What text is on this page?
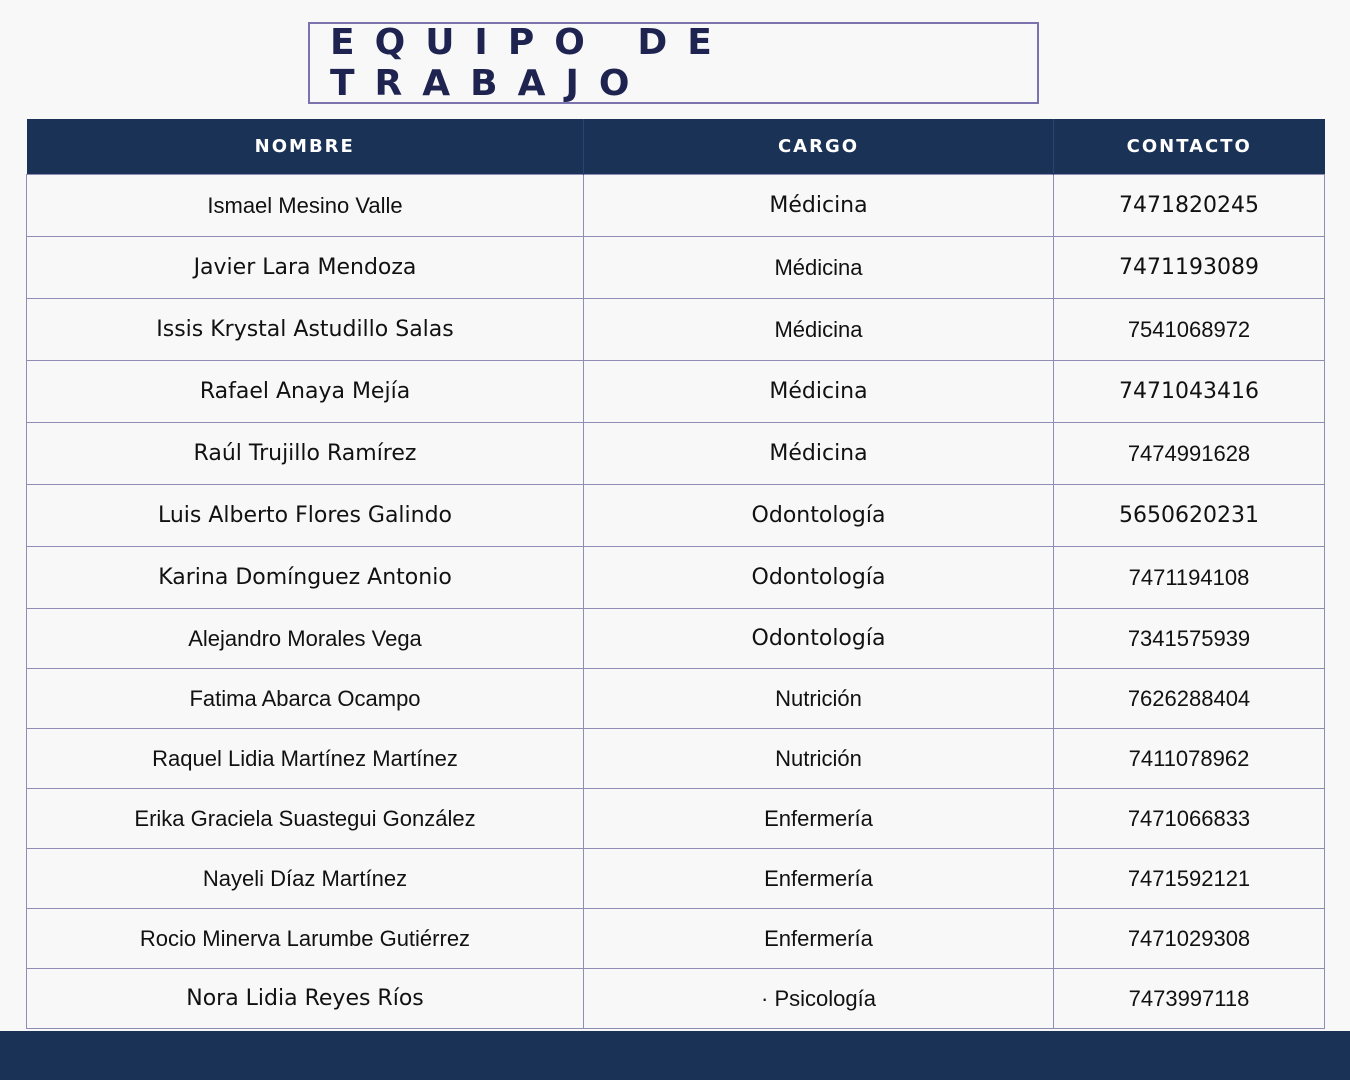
EQUIPO DE TRABAJO
NOMBRE	CARGO	CONTACTO
Ismael Mesino Valle	Médicina	7471820245
Javier Lara Mendoza	Médicina	7471193089
Issis Krystal Astudillo Salas	Médicina	7541068972
Rafael Anaya Mejía	Médicina	7471043416
Raúl Trujillo Ramírez	Médicina	7474991628
Luis Alberto Flores Galindo	Odontología	5650620231
Karina Domínguez Antonio	Odontología	7471194108
Alejandro Morales Vega	Odontología	7341575939
Fatima Abarca Ocampo	Nutrición	7626288404
Raquel Lidia Martínez Martínez	Nutrición	7411078962
Erika Graciela Suastegui González	Enfermería	7471066833
Nayeli Díaz Martínez	Enfermería	7471592121
Rocio Minerva Larumbe Gutiérrez	Enfermería	7471029308
Nora Lidia Reyes Ríos	· Psicología	7473997118
